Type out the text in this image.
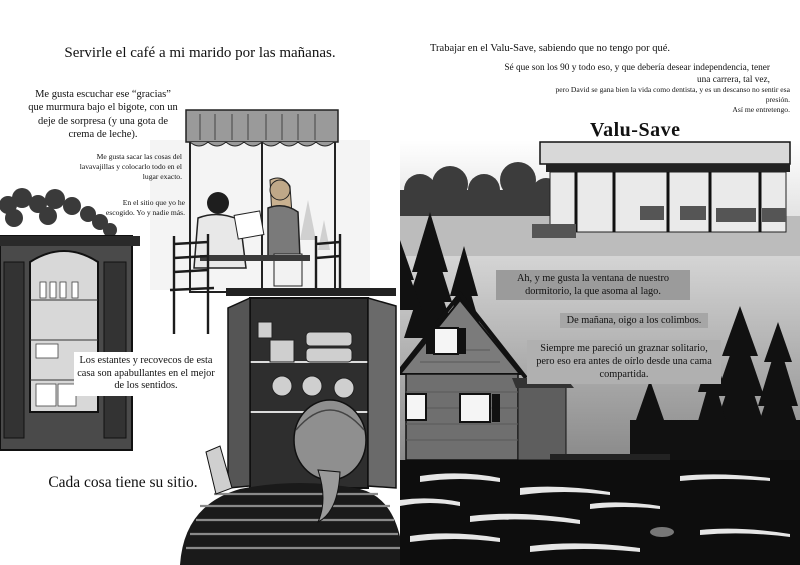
Servirle el café a mi marido por las mañanas.
Me gusta escuchar ese “gracias” que murmura bajo el bigote, con un deje de sorpresa (y una gota de crema de leche).
Me gusta sacar las cosas del lavavajillas y colocarlo todo en el lugar exacto.
En el sitio que yo he escogido. Yo y nadie más.
Los estantes y recovecos de esta casa son apabullantes en el mejor de los sentidos.
Cada cosa tiene su sitio.
Valu-Save
Trabajar en el Valu-Save, sabiendo que no tengo por qué.
Sé que son los 90 y todo eso, y que debería desear independencia, tener una carrera, tal vez,
pero David se gana bien la vida como dentista, y es un descanso no sentir esa presión.
Así me entretengo.
Ah, y me gusta la ventana de nuestro dormitorio, la que asoma al lago.
De mañana, oigo a los colimbos.
Siempre me pareció un graznar solitario, pero eso era antes de oírlo desde una cama compartida.
